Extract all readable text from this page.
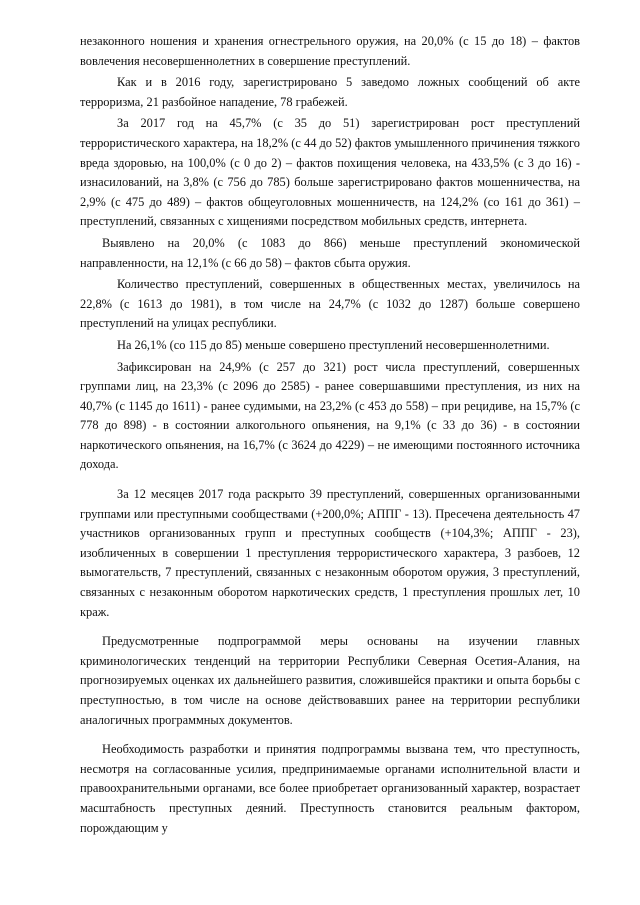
незаконного ношения и хранения огнестрельного оружия, на 20,0% (с 15 до 18) – фактов вовлечения несовершеннолетних в совершение преступлений.

Как и в 2016 году, зарегистрировано 5 заведомо ложных сообщений об акте терроризма, 21 разбойное нападение, 78 грабежей.

За 2017 год на 45,7% (с 35 до 51) зарегистрирован рост преступлений террористического характера, на 18,2% (с 44 до 52) фактов умышленного причинения тяжкого вреда здоровью, на 100,0% (с 0 до 2) – фактов похищения человека, на 433,5% (с 3 до 16) - изнасилований, на 3,8% (с 756 до 785) больше зарегистрировано фактов мошенничества, на 2,9% (с 475 до 489) – фактов общеуголовных мошенничеств, на 124,2% (со 161 до 361) – преступлений, связанных с хищениями посредством мобильных средств, интернета.

Выявлено на 20,0% (с 1083 до 866) меньше преступлений экономической направленности, на 12,1% (с 66 до 58) – фактов сбыта оружия.

Количество преступлений, совершенных в общественных местах, увеличилось на 22,8% (с 1613 до 1981), в том числе на 24,7% (с 1032 до 1287) больше совершено преступлений на улицах республики.

На 26,1% (со 115 до 85) меньше совершено преступлений несовершеннолетними.

Зафиксирован на 24,9% (с 257 до 321) рост числа преступлений, совершенных группами лиц, на 23,3% (с 2096 до 2585) - ранее совершавшими преступления, из них на 40,7% (с 1145 до 1611) - ранее судимыми, на 23,2% (с 453 до 558) – при рецидиве, на 15,7% (с 778 до 898) - в состоянии алкогольного опьянения, на 9,1% (с 33 до 36) - в состоянии наркотического опьянения, на 16,7% (с 3624 до 4229) – не имеющими постоянного источника дохода.

За 12 месяцев 2017 года раскрыто 39 преступлений, совершенных организованными группами или преступными сообществами (+200,0%; АППГ - 13). Пресечена деятельность 47 участников организованных групп и преступных сообществ (+104,3%; АППГ - 23), изобличенных в совершении 1 преступления террористического характера, 3 разбоев, 12 вымогательств, 7 преступлений, связанных с незаконным оборотом оружия, 3 преступлений, связанных с незаконным оборотом наркотических средств, 1 преступления прошлых лет, 10 краж.

Предусмотренные подпрограммой меры основаны на изучении главных криминологических тенденций на территории Республики Северная Осетия-Алания, на прогнозируемых оценках их дальнейшего развития, сложившейся практики и опыта борьбы с преступностью, в том числе на основе действовавших ранее на территории республики аналогичных программных документов.

Необходимость разработки и принятия подпрограммы вызвана тем, что преступность, несмотря на согласованные усилия, предпринимаемые органами исполнительной власти и правоохранительными органами, все более приобретает организованный характер, возрастает масштабность преступных деяний. Преступность становится реальным фактором, порождающим у
